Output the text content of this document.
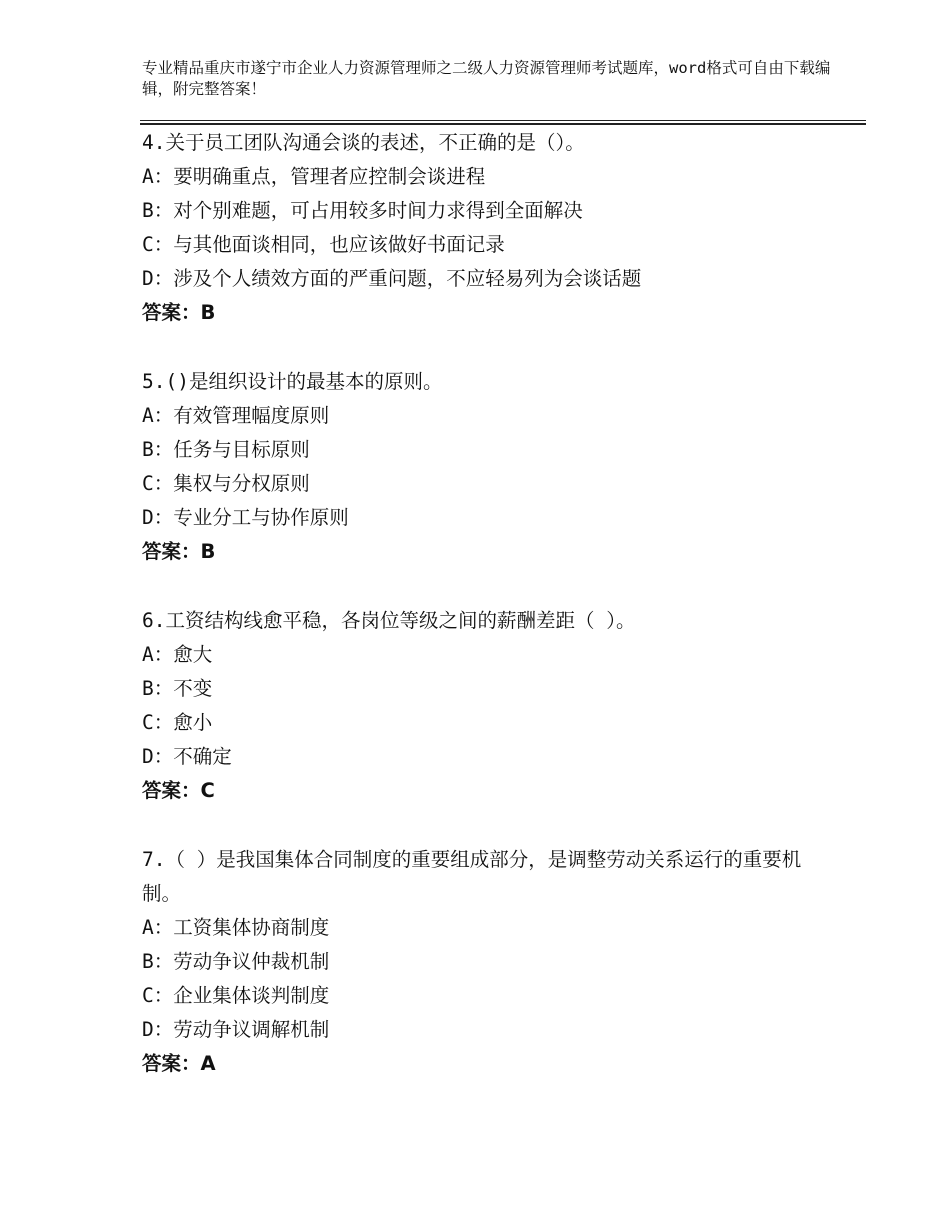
专业精品重庆市遂宁市企业人力资源管理师之二级人力资源管理师考试题库，word格式可自由下载编辑，附完整答案！

4.关于员工团队沟通会谈的表述，不正确的是（）。

A：要明确重点，管理者应控制会谈进程

B：对个别难题，可占用较多时间力求得到全面解决

C：与其他面谈相同，也应该做好书面记录

D：涉及个人绩效方面的严重问题，不应轻易列为会谈话题

答案：B

5.()是组织设计的最基本的原则。

A：有效管理幅度原则

B：任务与目标原则

C：集权与分权原则

D：专业分工与协作原则

答案：B

6.工资结构线愈平稳，各岗位等级之间的薪酬差距（ ）。

A：愈大

B：不变

C：愈小

D：不确定

答案：C

7.（ ）是我国集体合同制度的重要组成部分，是调整劳动关系运行的重要机制。

A：工资集体协商制度

B：劳动争议仲裁机制

C：企业集体谈判制度

D：劳动争议调解机制

答案：A
